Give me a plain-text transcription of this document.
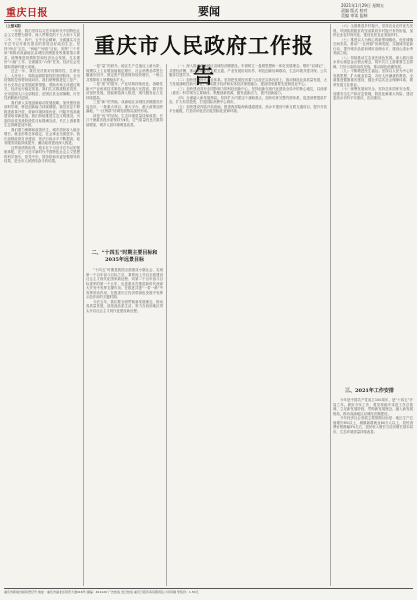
重庆日报	要闻	2021年1月29日 星期五
责编 版式 校对
美编 审读 监制
重庆市人民政府工作报告

（上接1版）

一年来，我们坚持以习近平新时代中国特色社会主义思想为指导，深入贯彻党的十九大和十九届二中、三中、四中、五中全会精神，全面落实习近平总书记对重庆提出的营造良好政治生态，坚持“两点”定位、“两地”“两高”目标，发挥“三个作用”和推动成渝地区双城经济圈建设等重要指示要求，统筹推进疫情防控和经济社会发展，扎实做好“六稳”工作、全面落实“六保”任务，经济社会发展取得新的重大成就。

过去一年，我们坚决抓好疫情防控，生命至上，人民至上，构筑起群防群控的坚固防线，全市疫情防控形势持续向好。我们统筹推进复工复产，出台支持企业发展政策措施，帮助市场主体渡过难关，经济运行稳定恢复。我们扎实推进脱贫攻坚，全市贫困人口全部脱贫，贫困区县全部摘帽，历史性消除绝对贫困。

我们深入实施创新驱动发展战略，加快建设西部科学城，科技创新能力持续增强。我们坚定不移推进改革开放，营商环境持续优化，内陆开放高地建设取得新进展。我们持续推进生态文明建设，污染防治攻坚战阶段性目标圆满完成，长江上游重要生态屏障更加牢固。

我们着力保障和改善民生，城乡居民收入稳步增长，就业形势总体稳定，社会事业全面进步。我们加强政府自身建设，依法行政水平不断提高，政务服务效能持续提升，廉洁政府建设深入推进。

这些成绩的取得，根本在于习近平总书记的领航掌舵，在于习近平新时代中国特色社会主义思想的科学指引，是党中央、国务院和市委坚强领导的结果，是全市人民团结奋斗的结果。

一是“量”的跃升。地区生产总值迈上新台阶，规模以上工业增加值稳定增长，社会消费品零售总额逐步回升，固定资产投资保持较快增长，一般公共预算收入规模稳步扩大。

二是“质”的提升。产业结构持续优化，战略性新兴产业和高技术制造业增加值占比提高，数字经济加快发展，智能制造深入推进，现代服务业占比持续提高。

三是“新”的突破。成渝地区双城经济圈建设开局良好，一批重大项目、重大平台、重大政策加快落地，“一区两群”协调发展格局加快形成。

四是“优”的呈现。生态环境质量持续改善，长江干流重庆段水质保持为Ⅱ类，空气质量优良天数持续增加，城乡人居环境明显改善。

二、“十四五”时期主要目标和2035年远景目标

“十四五”时期是我国全面建成小康社会、实现第一个百年奋斗目标之后，乘势而上开启全面建设社会主义现代化国家新征程、向第二个百年奋斗目标进军的第一个五年，也是重庆在推进新时代西部大开发中发挥支撑作用、在推进共建“一带一路”中发挥带动作用、在推进长江经济带绿色发展中发挥示范作用的关键时期。

今后五年，我们要全面贯彻新发展理念，推动高质量发展，创造高品质生活，努力在西部地区带头开启社会主义现代化建设新征程。

（一）深入推进成渝地区双城经济圈建设。牢固树立一盘棋思想和一体化发展理念，唱好“双城记”，共建经济圈，推动基础设施互联互通、产业发展协同协作、科技创新协调联动、生态环境共建共保、公共服务共建共享。

（二）加快建设现代产业体系。坚持把发展经济着力点放在实体经济上，推动制造业高质量发展，大力发展战略性新兴产业，推动数字经济和实体经济深度融合，建设国家重要先进制造业中心。

（三）加快建设具有全国影响力的科技创新中心。坚持创新在现代化建设全局中的核心地位，以西部（重庆）科学城为主要载体，集聚创新资源，激发创新活力，提升创新能力。

（四）全面融入新发展格局。坚持扩大内需这个战略基点，加快培育完整内需体系，促进消费提质扩容，扩大有效投资，打造国际消费中心城市。

（五）加快建设内陆开放高地。推进西部陆海新通道建设，高水平建设中新互联互通项目，提升开放平台能级，打造市场化法治化国际化营商环境。

（六）全面推进乡村振兴。坚持农业农村优先发展，巩固拓展脱贫攻坚成果同乡村振兴有效衔接，加快农业农村现代化，建设宜居宜业美丽乡村。

（七）推进以人为核心的新型城镇化。优化城镇空间布局，推动“一区两群”协调发展，实施城市更新行动，提升城市品质和城市治理水平，建设山清水秀美丽之地。

（八）持续推动生态优先绿色发展。深入践行绿水青山就是金山银山理念，筑牢长江上游重要生态屏障，打好污染防治攻坚战，推动绿色低碳发展。

（九）不断增进民生福祉。坚持以人民为中心的发展思想，扩大就业容量，办好人民满意的教育，全面推进健康重庆建设，健全多层次社会保障体系，繁荣发展文化事业。

（十）统筹发展和安全。坚持总体国家安全观，加强安全生产和应急管理，防范化解重大风险，建设更高水平的平安重庆、法治重庆。

三、2021年工作安排

今年是中国共产党成立100周年，是“十四五”开局之年。做好今年工作，要坚持稳中求进工作总基调，立足新发展阶段，贯彻新发展理念，融入新发展格局，推动成渝地区双城经济圈建设。

今年经济社会发展主要预期目标是：地区生产总值增长6%以上，城镇新增就业60万人以上，居民消费价格涨幅3%左右，居民收入增长与经济增长基本同步，生态环境质量持续改善。

重庆市新闻出版局登记号 地址：重庆市渝北区同茂大道416号 邮编：401120 广告热线 发行热线 重庆日报印务有限责任公司印刷 零售价：1.50元
